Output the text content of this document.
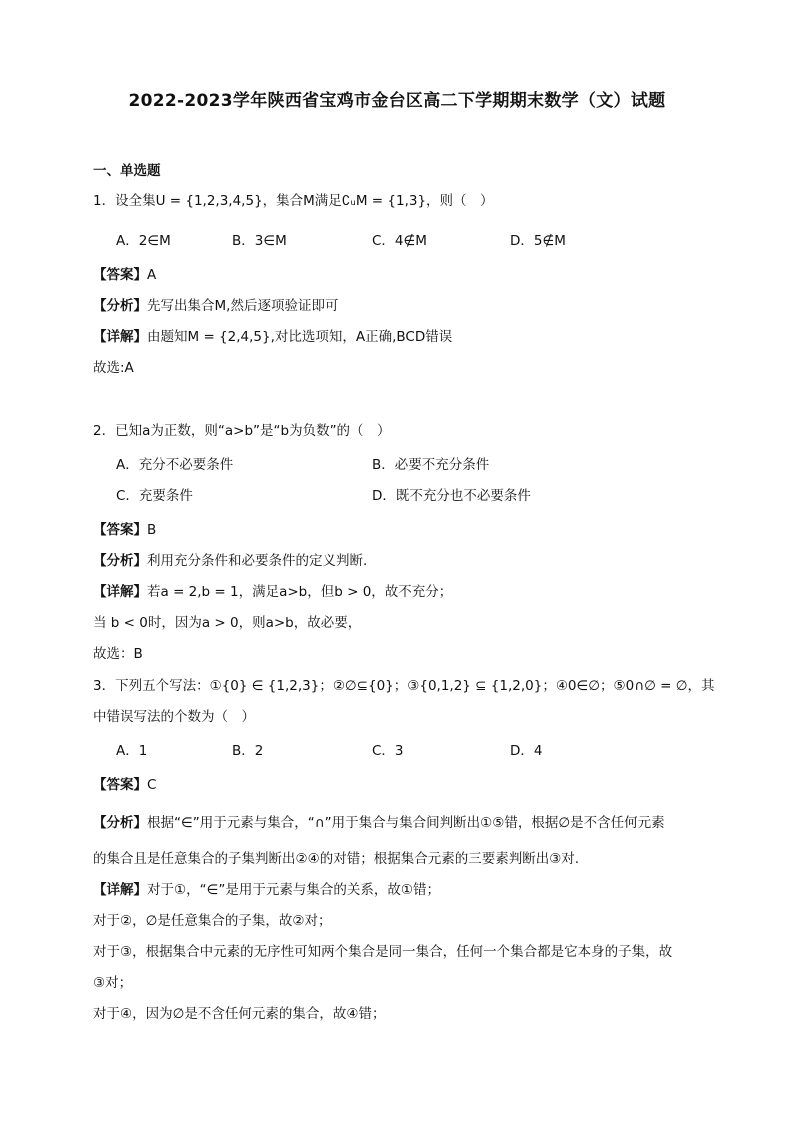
2022-2023学年陕西省宝鸡市金台区高二下学期期末数学（文）试题
一、单选题
1．设全集U = {1,2,3,4,5}，集合M满足∁ᵤM = {1,3}，则（　）
A．2∈M	B．3∈M	C．4∉M	D．5∉M
【答案】A
【分析】先写出集合M,然后逐项验证即可
【详解】由题知M = {2,4,5},对比选项知，A正确,BCD错误
故选:A
2．已知a为正数，则“a>b”是“b为负数”的（　）
A．充分不必要条件	B．必要不充分条件
C．充要条件	D．既不充分也不必要条件
【答案】B
【分析】利用充分条件和必要条件的定义判断.
【详解】若a = 2,b = 1，满足a>b，但b > 0，故不充分；
当 b < 0时，因为a > 0，则a>b，故必要，
故选：B
3．下列五个写法：①{0} ∈ {1,2,3}；②∅⊆{0}；③{0,1,2} ⊆ {1,2,0}；④0∈∅；⑤0∩∅ = ∅，其
中错误写法的个数为（　）
A．1	B．2	C．3	D．4
【答案】C
【分析】根据“∈”用于元素与集合，“∩”用于集合与集合间判断出①⑤错，根据∅是不含任何元素
的集合且是任意集合的子集判断出②④的对错；根据集合元素的三要素判断出③对.
【详解】对于①，“∈”是用于元素与集合的关系，故①错；
对于②，∅是任意集合的子集，故②对；
对于③，根据集合中元素的无序性可知两个集合是同一集合，任何一个集合都是它本身的子集，故
③对；
对于④，因为∅是不含任何元素的集合，故④错；
